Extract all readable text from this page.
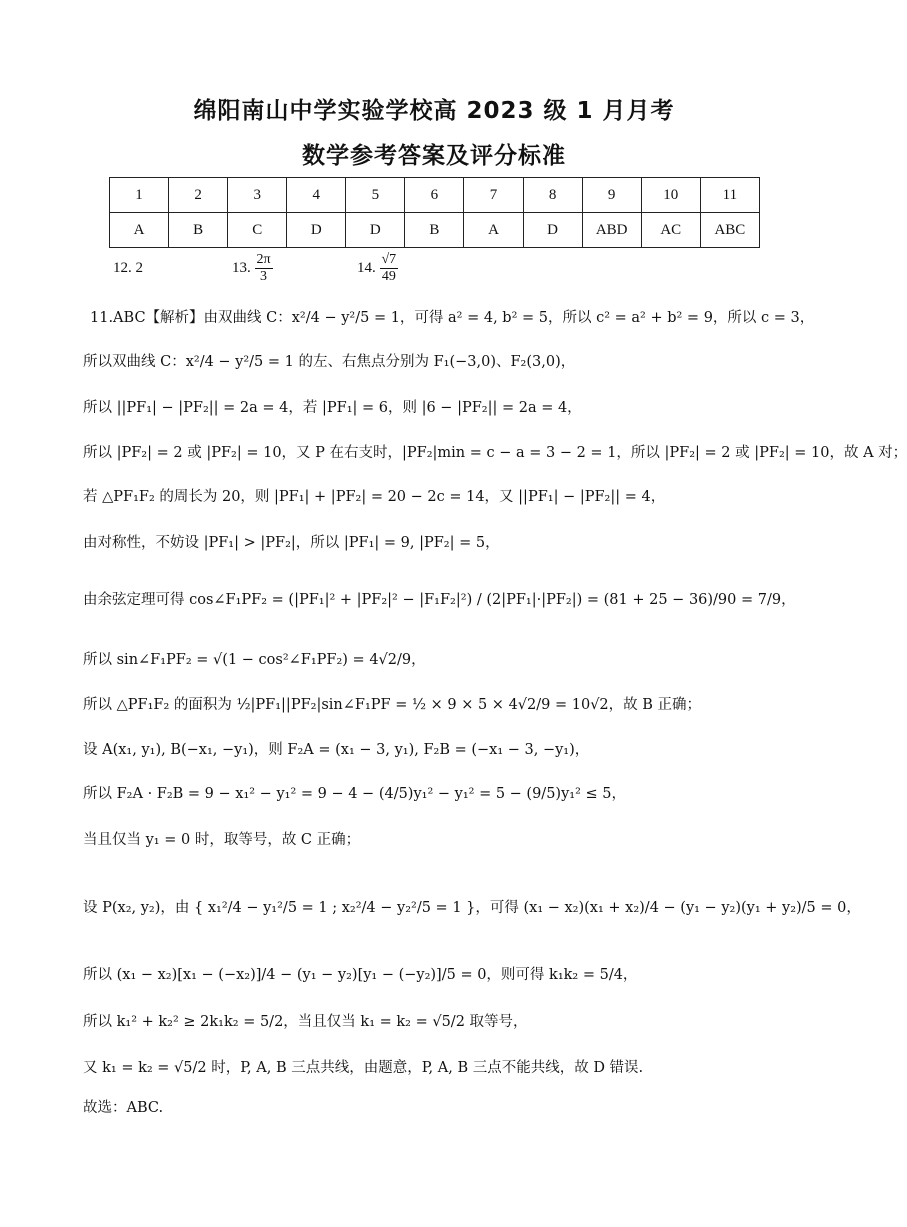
绵阳南山中学实验学校高 2023 级 1 月月考
数学参考答案及评分标准
1	2	3	4	5	6	7	8	9	10	11
A	B	C	D	D	B	A	D	ABD	AC	ABC
12. 2	13. $\frac{2\pi}{3}$	14. $\frac{√7}{49}$
11.ABC【解析】由双曲线 C：x²/4 − y²/5 = 1，可得 a² = 4, b² = 5，所以 c² = a² + b² = 9，所以 c = 3，
所以双曲线 C：x²/4 − y²/5 = 1 的左、右焦点分别为 F₁(−3,0)、F₂(3,0)，
所以 ||PF₁| − |PF₂|| = 2a = 4，若 |PF₁| = 6，则 |6 − |PF₂|| = 2a = 4，
所以 |PF₂| = 2 或 |PF₂| = 10，又 P 在右支时，|PF₂|min = c − a = 3 − 2 = 1，所以 |PF₂| = 2 或 |PF₂| = 10，故 A 对；
若 △PF₁F₂ 的周长为 20，则 |PF₁| + |PF₂| = 20 − 2c = 14，又 ||PF₁| − |PF₂|| = 4，
由对称性，不妨设 |PF₁| > |PF₂|，所以 |PF₁| = 9, |PF₂| = 5，
由余弦定理可得 cos∠F₁PF₂ = (|PF₁|² + |PF₂|² − |F₁F₂|²) / (2|PF₁|·|PF₂|) = (81 + 25 − 36)/90 = 7/9，
所以 sin∠F₁PF₂ = √(1 − cos²∠F₁PF₂) = 4√2/9，
所以 △PF₁F₂ 的面积为 ½|PF₁||PF₂|sin∠F₁PF = ½ × 9 × 5 × 4√2/9 = 10√2，故 B 正确；
设 A(x₁, y₁), B(−x₁, −y₁)，则 F₂A = (x₁ − 3, y₁), F₂B = (−x₁ − 3, −y₁)，
所以 F₂A · F₂B = 9 − x₁² − y₁² = 9 − 4 − (4/5)y₁² − y₁² = 5 − (9/5)y₁² ≤ 5，
当且仅当 y₁ = 0 时，取等号，故 C 正确；
设 P(x₂, y₂)，由 { x₁²/4 − y₁²/5 = 1 ; x₂²/4 − y₂²/5 = 1 }，可得 (x₁ − x₂)(x₁ + x₂)/4 − (y₁ − y₂)(y₁ + y₂)/5 = 0，
所以 (x₁ − x₂)[x₁ − (−x₂)]/4 − (y₁ − y₂)[y₁ − (−y₂)]/5 = 0，则可得 k₁k₂ = 5/4，
所以 k₁² + k₂² ≥ 2k₁k₂ = 5/2，当且仅当 k₁ = k₂ = √5/2 取等号，
又 k₁ = k₂ = √5/2 时，P, A, B 三点共线，由题意，P, A, B 三点不能共线，故 D 错误.
故选：ABC.
